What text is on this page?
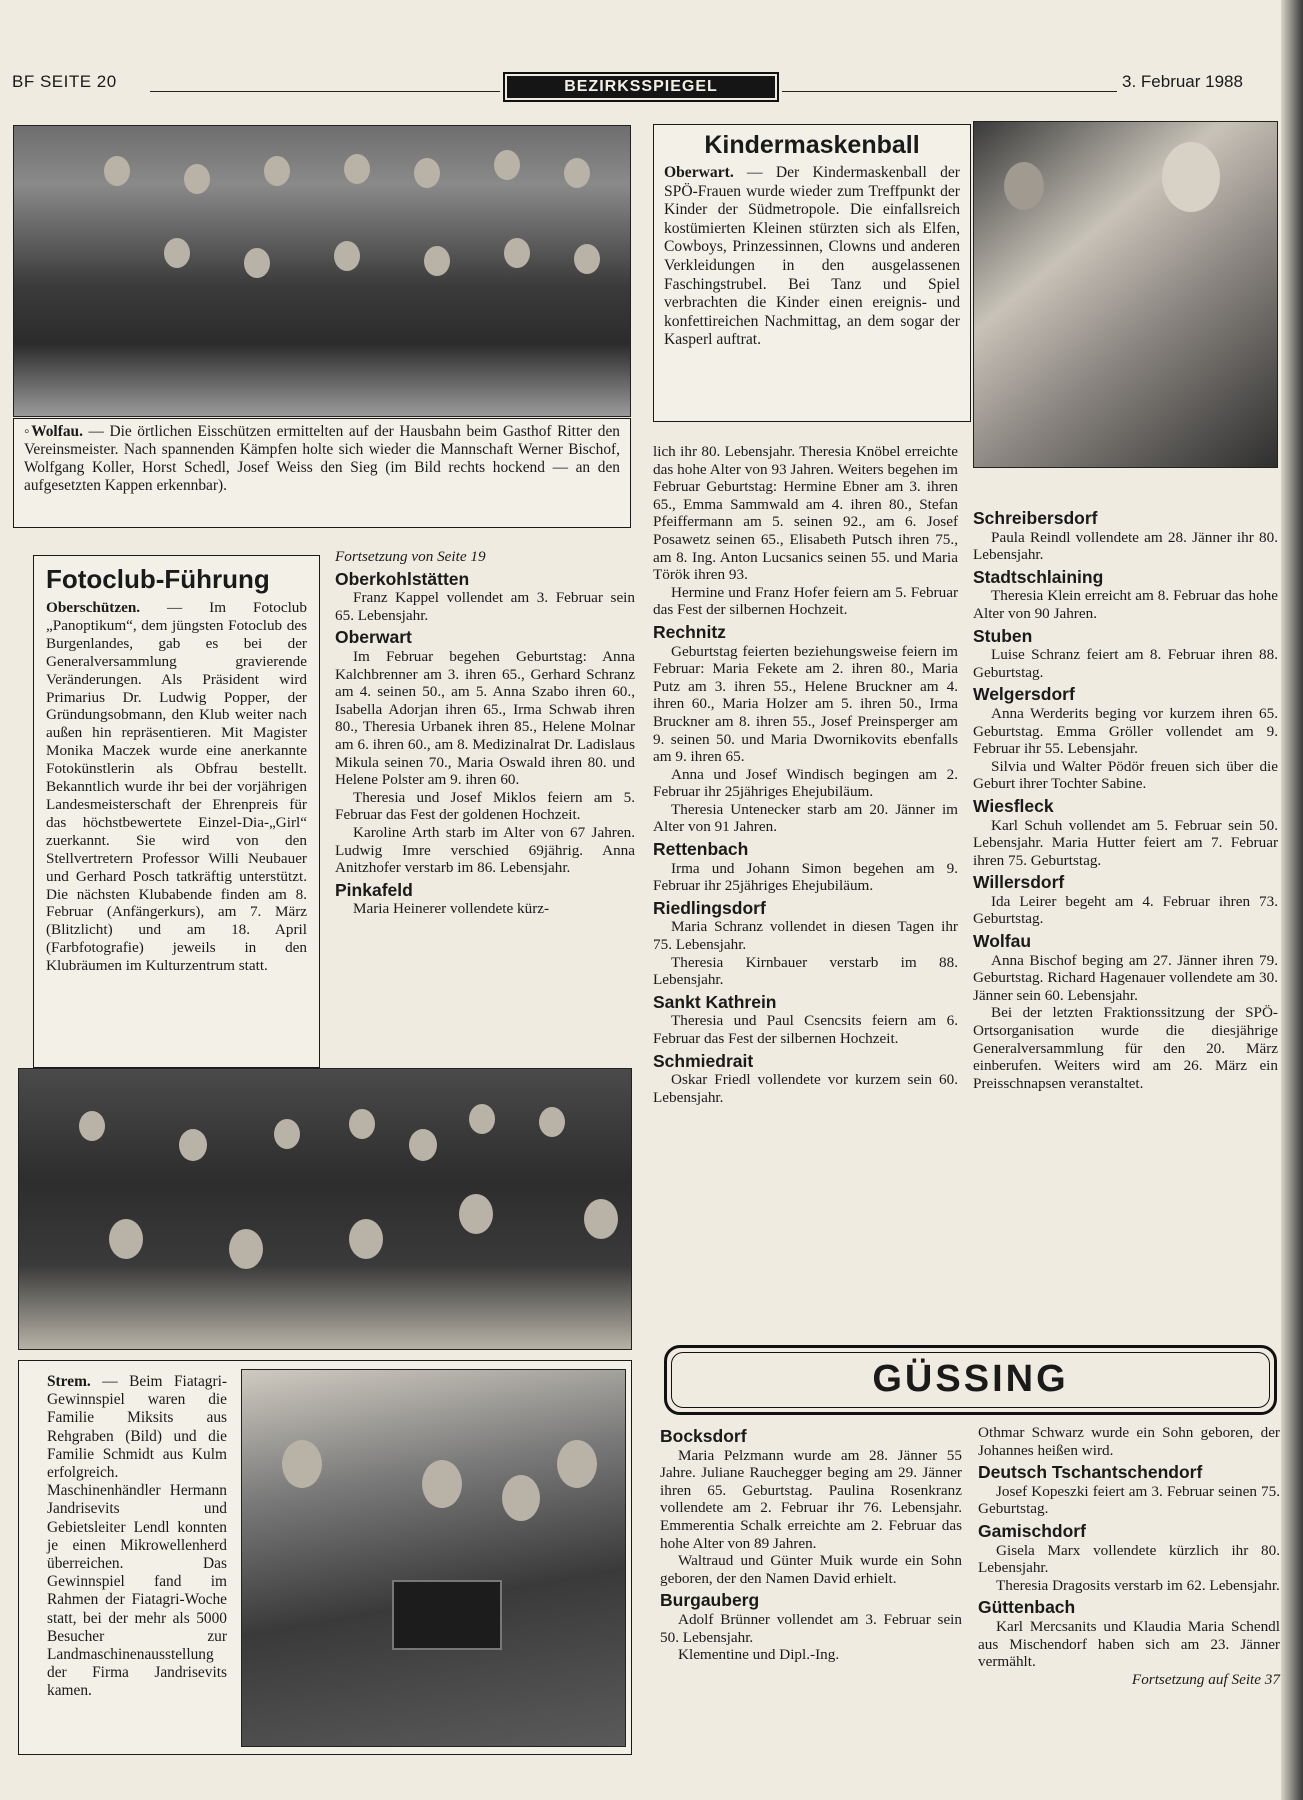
BF SEITE 20	BEZIRKSSPIEGEL	3. Februar 1988

◦Wolfau. — Die örtlichen Eisschützen ermittelten auf der Hausbahn beim Gasthof Ritter den Vereinsmeister. Nach spannenden Kämpfen holte sich wieder die Mannschaft Werner Bischof, Wolfgang Koller, Horst Schedl, Josef Weiss den Sieg (im Bild rechts hockend — an den aufgesetzten Kappen erkennbar).

Kindermaskenball

Oberwart. — Der Kindermaskenball der SPÖ-Frauen wurde wieder zum Treffpunkt der Kinder der Südmetropole. Die einfallsreich kostümierten Kleinen stürzten sich als Elfen, Cowboys, Prinzessinnen, Clowns und anderen Verkleidungen in den ausgelassenen Faschingstrubel. Bei Tanz und Spiel verbrachten die Kinder einen ereignis- und konfettireichen Nachmittag, an dem sogar der Kasperl auftrat.

lich ihr 80. Lebensjahr. Theresia Knöbel erreichte das hohe Alter von 93 Jahren. Weiters begehen im Februar Geburtstag: Hermine Ebner am 3. ihren 65., Emma Sammwald am 4. ihren 80., Stefan Pfeiffermann am 5. seinen 92., am 6. Josef Posawetz seinen 65., Elisabeth Putsch ihren 75., am 8. Ing. Anton Lucsanics seinen 55. und Maria Török ihren 93.

Hermine und Franz Hofer feiern am 5. Februar das Fest der silbernen Hochzeit.

Rechnitz

Geburtstag feierten beziehungsweise feiern im Februar: Maria Fekete am 2. ihren 80., Maria Putz am 3. ihren 55., Helene Bruckner am 4. ihren 60., Maria Holzer am 5. ihren 50., Irma Bruckner am 8. ihren 55., Josef Preinsperger am 9. seinen 50. und Maria Dwornikovits ebenfalls am 9. ihren 65.

Anna und Josef Windisch begingen am 2. Februar ihr 25jähriges Ehejubiläum.

Theresia Untenecker starb am 20. Jänner im Alter von 91 Jahren.

Rettenbach

Irma und Johann Simon begehen am 9. Februar ihr 25jähriges Ehejubiläum.

Riedlingsdorf

Maria Schranz vollendet in diesen Tagen ihr 75. Lebensjahr.

Theresia Kirnbauer verstarb im 88. Lebensjahr.

Sankt Kathrein

Theresia und Paul Csencsits feiern am 6. Februar das Fest der silbernen Hochzeit.

Schmiedrait

Oskar Friedl vollendete vor kurzem sein 60. Lebensjahr.

Schreibersdorf

Paula Reindl vollendete am 28. Jänner ihr 80. Lebensjahr.

Stadtschlaining

Theresia Klein erreicht am 8. Februar das hohe Alter von 90 Jahren.

Stuben

Luise Schranz feiert am 8. Februar ihren 88. Geburtstag.

Welgersdorf

Anna Werderits beging vor kurzem ihren 65. Geburtstag. Emma Gröller vollendet am 9. Februar ihr 55. Lebensjahr.

Silvia und Walter Pödör freuen sich über die Geburt ihrer Tochter Sabine.

Wiesfleck

Karl Schuh vollendet am 5. Februar sein 50. Lebensjahr. Maria Hutter feiert am 7. Februar ihren 75. Geburtstag.

Willersdorf

Ida Leirer begeht am 4. Februar ihren 73. Geburtstag.

Wolfau

Anna Bischof beging am 27. Jänner ihren 79. Geburtstag. Richard Hagenauer vollendete am 30. Jänner sein 60. Lebensjahr.

Bei der letzten Fraktionssitzung der SPÖ-Ortsorganisation wurde die diesjährige Generalversammlung für den 20. März einberufen. Weiters wird am 26. März ein Preisschnapsen veranstaltet.

Fotoclub-Führung

Oberschützen. — Im Fotoclub „Panoptikum“, dem jüngsten Fotoclub des Burgenlandes, gab es bei der Generalversammlung gravierende Veränderungen. Als Präsident wird Primarius Dr. Ludwig Popper, der Gründungsobmann, den Klub weiter nach außen hin repräsentieren. Mit Magister Monika Maczek wurde eine anerkannte Fotokünstlerin als Obfrau bestellt. Bekanntlich wurde ihr bei der vorjährigen Landesmeisterschaft der Ehrenpreis für das höchstbewertete Einzel-Dia-„Girl“ zuerkannt. Sie wird von den Stellvertretern Professor Willi Neubauer und Gerhard Posch tatkräftig unterstützt. Die nächsten Klubabende finden am 8. Februar (Anfängerkurs), am 7. März (Blitzlicht) und am 18. April (Farbfotografie) jeweils in den Klubräumen im Kulturzentrum statt.

Fortsetzung von Seite 19

Oberkohlstätten

Franz Kappel vollendet am 3. Februar sein 65. Lebensjahr.

Oberwart

Im Februar begehen Geburtstag: Anna Kalchbrenner am 3. ihren 65., Gerhard Schranz am 4. seinen 50., am 5. Anna Szabo ihren 60., Isabella Adorjan ihren 65., Irma Schwab ihren 80., Theresia Urbanek ihren 85., Helene Molnar am 6. ihren 60., am 8. Medizinalrat Dr. Ladislaus Mikula seinen 70., Maria Oswald ihren 80. und Helene Polster am 9. ihren 60.

Theresia und Josef Miklos feiern am 5. Februar das Fest der goldenen Hochzeit.

Karoline Arth starb im Alter von 67 Jahren. Ludwig Imre verschied 69jährig. Anna Anitzhofer verstarb im 86. Lebensjahr.

Pinkafeld

Maria Heinerer vollendete kürz-

Strem. — Beim Fiatagri-Gewinnspiel waren die Familie Miksits aus Rehgraben (Bild) und die Familie Schmidt aus Kulm erfolgreich. Maschinenhändler Hermann Jandrisevits und Gebietsleiter Lendl konnten je einen Mikrowellenherd überreichen. Das Gewinnspiel fand im Rahmen der Fiatagri-Woche statt, bei der mehr als 5000 Besucher zur Landmaschinenausstellung der Firma Jandrisevits kamen.

GÜSSING
Bocksdorf

Maria Pelzmann wurde am 28. Jänner 55 Jahre. Juliane Rauchegger beging am 29. Jänner ihren 65. Geburtstag. Paulina Rosenkranz vollendete am 2. Februar ihr 76. Lebensjahr. Emmerentia Schalk erreichte am 2. Februar das hohe Alter von 89 Jahren.

Waltraud und Günter Muik wurde ein Sohn geboren, der den Namen David erhielt.

Burgauberg

Adolf Brünner vollendet am 3. Februar sein 50. Lebensjahr.

Klementine und Dipl.-Ing.

Othmar Schwarz wurde ein Sohn geboren, der Johannes heißen wird.

Deutsch Tschantschendorf

Josef Kopeszki feiert am 3. Februar seinen 75. Geburtstag.

Gamischdorf

Gisela Marx vollendete kürzlich ihr 80. Lebensjahr.

Theresia Dragosits verstarb im 62. Lebensjahr.

Güttenbach

Karl Mercsanits und Klaudia Maria Schendl aus Mischendorf haben sich am 23. Jänner vermählt.

Fortsetzung auf Seite 37
